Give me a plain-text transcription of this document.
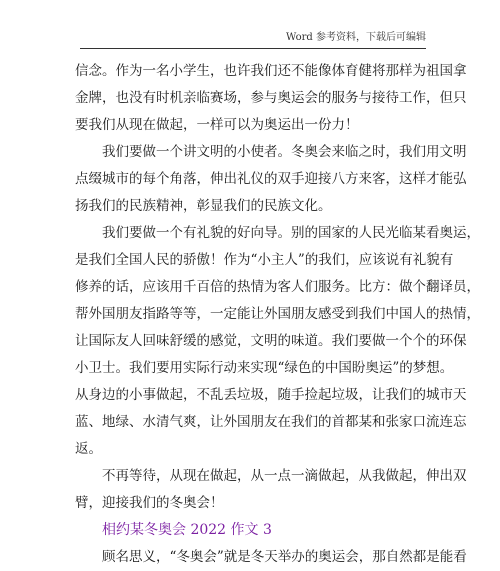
Word 参考资料，下载后可编辑
信念。作为一名小学生，也许我们还不能像体育健将那样为祖国拿
金牌，也没有时机亲临赛场，参与奥运会的服务与接待工作，但只
要我们从现在做起，一样可以为奥运出一份力！
我们要做一个讲文明的小使者。冬奥会来临之时，我们用文明
点缀城市的每个角落，伸出礼仪的双手迎接八方来客，这样才能弘
扬我们的民族精神，彰显我们的民族文化。
我们要做一个有礼貌的好向导。别的国家的人民光临某看奥运，
是我们全国人民的骄傲！作为“小主人”的我们，应该说有礼貌有
修养的话，应该用千百倍的热情为客人们服务。比方：做个翻译员，
帮外国朋友指路等等，一定能让外国朋友感受到我们中国人的热情，
让国际友人回味舒缓的感觉，文明的味道。我们要做一个个的环保
小卫士。我们要用实际行动来实现“绿色的中国盼奥运”的梦想。
从身边的小事做起，不乱丢垃圾，随手捡起垃圾，让我们的城市天
蓝、地绿、水清气爽，让外国朋友在我们的首都某和张家口流连忘
返。
不再等待，从现在做起，从一点一滴做起，从我做起，伸出双
臂，迎接我们的冬奥会！
相约某冬奥会 2022 作文 3
顾名思义，“冬奥会”就是冬天举办的奥运会，那自然都是能看
